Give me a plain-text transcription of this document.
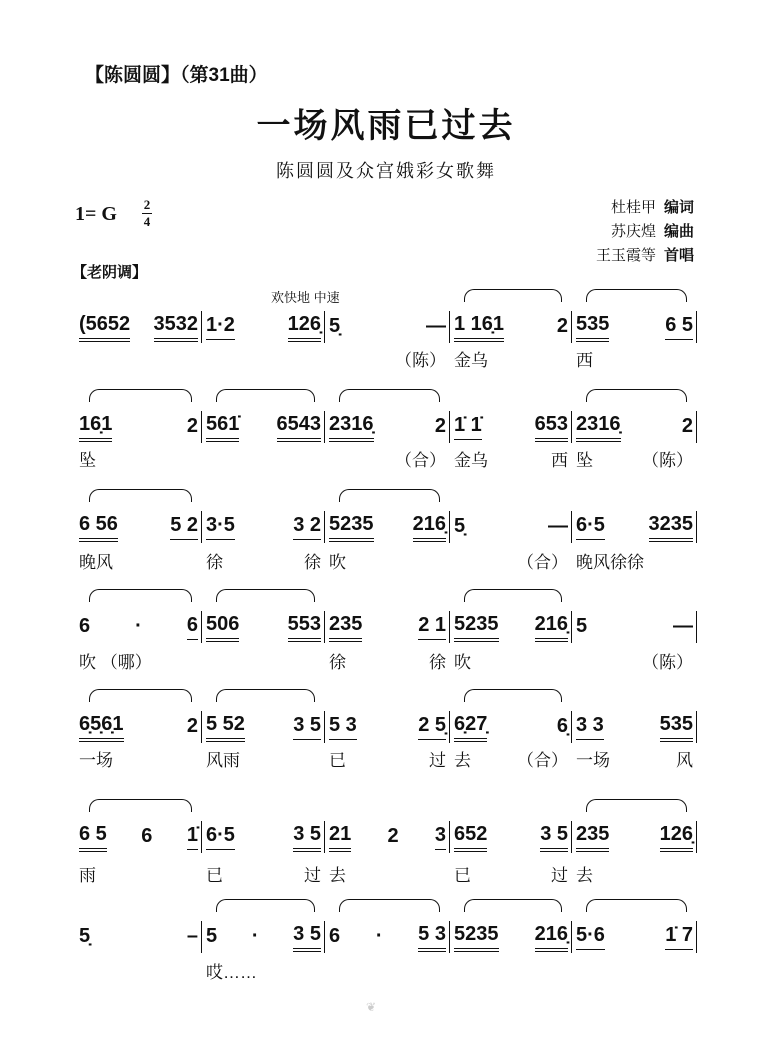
【陈圆圆】（第31曲）
一场风雨已过去
陈圆圆及众宫娥彩女歌舞
1= G 2
4
杜桂甲 编词
苏庆煌 编曲
王玉霞等 首唱
【老阴调】
欢快地 中速
(5652 3532 1·2	126̣ 5̣	— 1 16̣1	2 535	6 5
（陈） 金乌	西
16̣1	2 561̇ 6543 2316̣	2 1̇ 1̇	653 2316̣	2
坠	（合） 金乌	西 坠	（陈）
6 56	5 2 3·5	3 2 5235 216̣ 5̣	— 6·5 3235
晚风	徐	徐 吹	（合） 晚风徐徐
6 · 6 506 553 235	2 1 5235 216̣ 5	—
吹 （哪）	徐	徐 吹	（陈）
6̣5̣6̣1	2 5 52 3 5 5 3	2 5̣ 6̣27̣	6̣ 3 3	535
一场	风雨	已	过 去	（合） 一场	风
6 5 6 1̇ 6·5	3 5 21 2 3 652	3 5 235	126̣
雨	已	过 去	已	过 去
5̣	– 5 · 3 5 6 · 5 3 5235 216̣ 5·6	1̇ 7
哎……
❦
